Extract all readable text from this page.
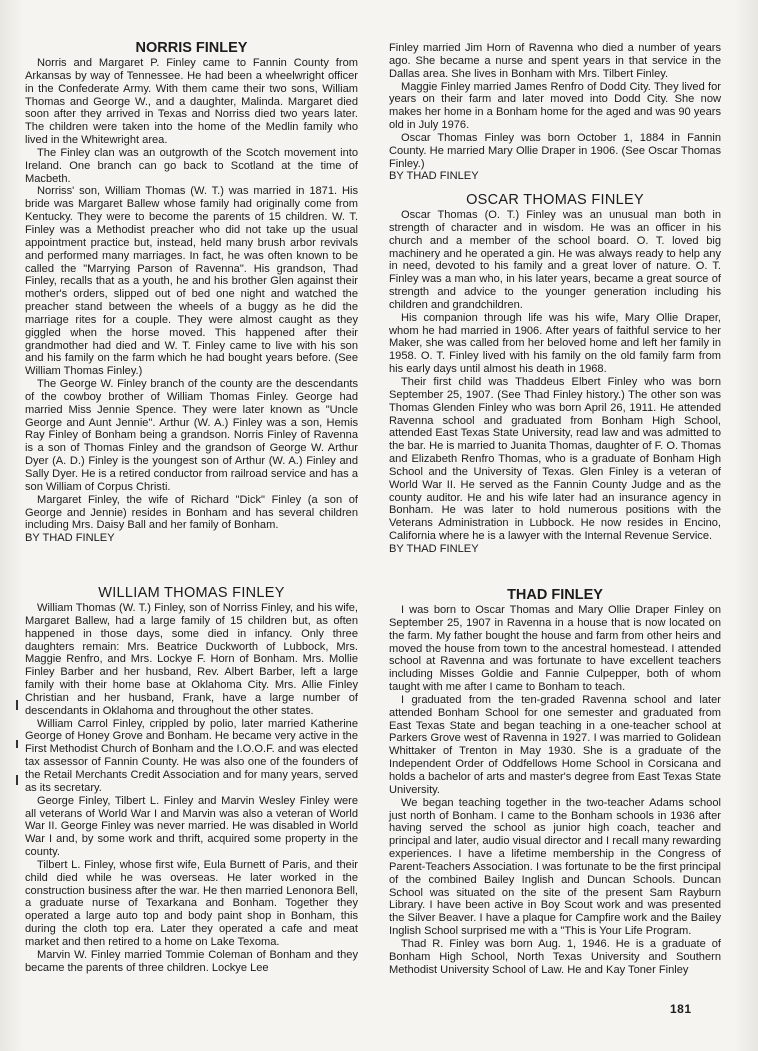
NORRIS FINLEY

Norris and Margaret P. Finley came to Fannin County from Arkansas by way of Tennessee. He had been a wheelwright officer in the Confederate Army. With them came their two sons, William Thomas and George W., and a daughter, Malinda. Margaret died soon after they arrived in Texas and Norriss died two years later. The children were taken into the home of the Medlin family who lived in the Whitewright area.

The Finley clan was an outgrowth of the Scotch movement into Ireland. One branch can go back to Scotland at the time of Macbeth.

Norriss' son, William Thomas (W. T.) was married in 1871. His bride was Margaret Ballew whose family had originally come from Kentucky. They were to become the parents of 15 children. W. T. Finley was a Methodist preacher who did not take up the usual appointment practice but, instead, held many brush arbor revivals and performed many marriages. In fact, he was often known to be called the "Marrying Parson of Ravenna". His grandson, Thad Finley, recalls that as a youth, he and his brother Glen against their mother's orders, slipped out of bed one night and watched the preacher stand between the wheels of a buggy as he did the marriage rites for a couple. They were almost caught as they giggled when the horse moved. This happened after their grandmother had died and W. T. Finley came to live with his son and his family on the farm which he had bought years before. (See William Thomas Finley.)

The George W. Finley branch of the county are the descendants of the cowboy brother of William Thomas Finley. George had married Miss Jennie Spence. They were later known as "Uncle George and Aunt Jennie". Arthur (W. A.) Finley was a son, Hemis Ray Finley of Bonham being a grandson. Norris Finley of Ravenna is a son of Thomas Finley and the grandson of George W. Arthur Dyer (A. D.) Finley is the youngest son of Arthur (W. A.) Finley and Sally Dyer. He is a retired conductor from railroad service and has a son William of Corpus Christi.

Margaret Finley, the wife of Richard "Dick" Finley (a son of George and Jennie) resides in Bonham and has several children including Mrs. Daisy Ball and her family of Bonham.

BY THAD FINLEY

WILLIAM THOMAS FINLEY

William Thomas (W. T.) Finley, son of Norriss Finley, and his wife, Margaret Ballew, had a large family of 15 children but, as often happened in those days, some died in infancy. Only three daughters remain: Mrs. Beatrice Duckworth of Lubbock, Mrs. Maggie Renfro, and Mrs. Lockye F. Horn of Bonham. Mrs. Mollie Finley Barber and her husband, Rev. Albert Barber, left a large family with their home base at Oklahoma City. Mrs. Allie Finley Christian and her husband, Frank, have a large number of descendants in Oklahoma and throughout the other states.

William Carrol Finley, crippled by polio, later married Katherine George of Honey Grove and Bonham. He became very active in the First Methodist Church of Bonham and the I.O.O.F. and was elected tax assessor of Fannin County. He was also one of the founders of the Retail Merchants Credit Association and for many years, served as its secretary.

George Finley, Tilbert L. Finley and Marvin Wesley Finley were all veterans of World War I and Marvin was also a veteran of World War II. George Finley was never married. He was disabled in World War I and, by some work and thrift, acquired some property in the county.

Tilbert L. Finley, whose first wife, Eula Burnett of Paris, and their child died while he was overseas. He later worked in the construction business after the war. He then married Lenonora Bell, a graduate nurse of Texarkana and Bonham. Together they operated a large auto top and body paint shop in Bonham, this during the cloth top era. Later they operated a cafe and meat market and then retired to a home on Lake Texoma.

Marvin W. Finley married Tommie Coleman of Bonham and they became the parents of three children. Lockye Lee

Finley married Jim Horn of Ravenna who died a number of years ago. She became a nurse and spent years in that service in the Dallas area. She lives in Bonham with Mrs. Tilbert Finley.

Maggie Finley married James Renfro of Dodd City. They lived for years on their farm and later moved into Dodd City. She now makes her home in a Bonham home for the aged and was 90 years old in July 1976.

Oscar Thomas Finley was born October 1, 1884 in Fannin County. He married Mary Ollie Draper in 1906. (See Oscar Thomas Finley.)

BY THAD FINLEY

OSCAR THOMAS FINLEY

Oscar Thomas (O. T.) Finley was an unusual man both in strength of character and in wisdom. He was an officer in his church and a member of the school board. O. T. loved big machinery and he operated a gin. He was always ready to help any in need, devoted to his family and a great lover of nature. O. T. Finley was a man who, in his later years, became a great source of strength and advice to the younger generation including his children and grandchildren.

His companion through life was his wife, Mary Ollie Draper, whom he had married in 1906. After years of faithful service to her Maker, she was called from her beloved home and left her family in 1958. O. T. Finley lived with his family on the old family farm from his early days until almost his death in 1968.

Their first child was Thaddeus Elbert Finley who was born September 25, 1907. (See Thad Finley history.) The other son was Thomas Glenden Finley who was born April 26, 1911. He attended Ravenna school and graduated from Bonham High School, attended East Texas State University, read law and was admitted to the bar. He is married to Juanita Thomas, daughter of F. O. Thomas and Elizabeth Renfro Thomas, who is a graduate of Bonham High School and the University of Texas. Glen Finley is a veteran of World War II. He served as the Fannin County Judge and as the county auditor. He and his wife later had an insurance agency in Bonham. He was later to hold numerous positions with the Veterans Administration in Lubbock. He now resides in Encino, California where he is a lawyer with the Internal Revenue Service.

BY THAD FINLEY

THAD FINLEY

I was born to Oscar Thomas and Mary Ollie Draper Finley on September 25, 1907 in Ravenna in a house that is now located on the farm. My father bought the house and farm from other heirs and moved the house from town to the ancestral homestead. I attended school at Ravenna and was fortunate to have excellent teachers including Misses Goldie and Fannie Culpepper, both of whom taught with me after I came to Bonham to teach.

I graduated from the ten-graded Ravenna school and later attended Bonham School for one semester and graduated from East Texas State and began teaching in a one-teacher school at Parkers Grove west of Ravenna in 1927. I was married to Golidean Whittaker of Trenton in May 1930. She is a graduate of the Independent Order of Oddfellows Home School in Corsicana and holds a bachelor of arts and master's degree from East Texas State University.

We began teaching together in the two-teacher Adams school just north of Bonham. I came to the Bonham schools in 1936 after having served the school as junior high coach, teacher and principal and later, audio visual director and I recall many rewarding experiences. I have a lifetime membership in the Congress of Parent-Teachers Association. I was fortunate to be the first principal of the combined Bailey Inglish and Duncan Schools. Duncan School was situated on the site of the present Sam Rayburn Library. I have been active in Boy Scout work and was presented the Silver Beaver. I have a plaque for Campfire work and the Bailey Inglish School surprised me with a "This is Your Life Program.

Thad R. Finley was born Aug. 1, 1946. He is a graduate of Bonham High School, North Texas University and Southern Methodist University School of Law. He and Kay Toner Finley

181
